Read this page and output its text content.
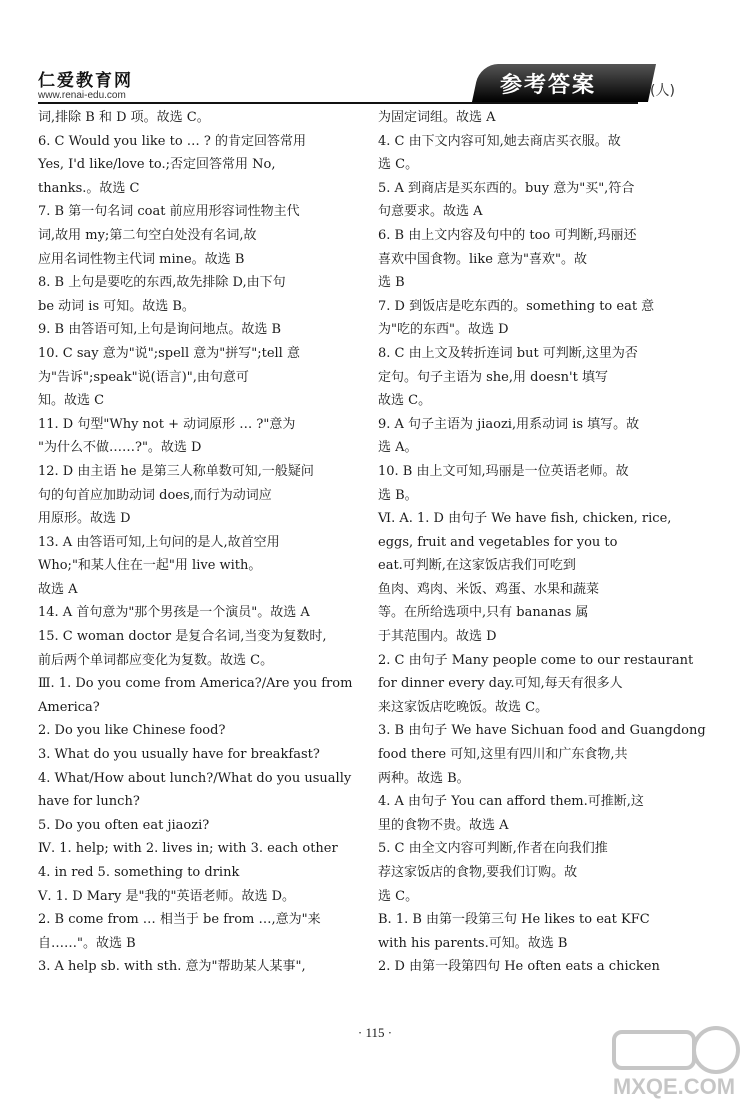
仁爱教育网
www.renai-edu.com	参考答案	(人)
词,排除 B 和 D 项。故选 C。
6. C Would you like to … ? 的肯定回答常用
Yes, I'd like/love to.;否定回答常用 No,
thanks.。故选 C
7. B 第一句名词 coat 前应用形容词性物主代
词,故用 my;第二句空白处没有名词,故
应用名词性物主代词 mine。故选 B
8. B 上句是要吃的东西,故先排除 D,由下句
be 动词 is 可知。故选 B。
9. B 由答语可知,上句是询问地点。故选 B
10. C say 意为"说";spell 意为"拼写";tell 意
为"告诉";speak"说(语言)",由句意可
知。故选 C
11. D 句型"Why not + 动词原形 … ?"意为
"为什么不做……?"。故选 D
12. D 由主语 he 是第三人称单数可知,一般疑问
句的句首应加助动词 does,而行为动词应
用原形。故选 D
13. A 由答语可知,上句问的是人,故首空用
Who;"和某人住在一起"用 live with。
故选 A
14. A 首句意为"那个男孩是一个演员"。故选 A
15. C woman doctor 是复合名词,当变为复数时,
前后两个单词都应变化为复数。故选 C。
Ⅲ. 1. Do you come from America?/Are you from
America?
2. Do you like Chinese food?
3. What do you usually have for breakfast?
4. What/How about lunch?/What do you usually
have for lunch?
5. Do you often eat jiaozi?
Ⅳ. 1. help; with 2. lives in; with 3. each other
4. in red 5. something to drink
Ⅴ. 1. D Mary 是"我的"英语老师。故选 D。
2. B come from … 相当于 be from …,意为"来
自……"。故选 B
3. A help sb. with sth. 意为"帮助某人某事",
为固定词组。故选 A
4. C 由下文内容可知,她去商店买衣服。故
选 C。
5. A 到商店是买东西的。buy 意为"买",符合
句意要求。故选 A
6. B 由上文内容及句中的 too 可判断,玛丽还
喜欢中国食物。like 意为"喜欢"。故
选 B
7. D 到饭店是吃东西的。something to eat 意
为"吃的东西"。故选 D
8. C 由上文及转折连词 but 可判断,这里为否
定句。句子主语为 she,用 doesn't 填写
故选 C。
9. A 句子主语为 jiaozi,用系动词 is 填写。故
选 A。
10. B 由上文可知,玛丽是一位英语老师。故
选 B。
Ⅵ. A. 1. D 由句子 We have fish, chicken, rice,
eggs, fruit and vegetables for you to
eat.可判断,在这家饭店我们可吃到
鱼肉、鸡肉、米饭、鸡蛋、水果和蔬菜
等。在所给选项中,只有 bananas 属
于其范围内。故选 D
2. C 由句子 Many people come to our restaurant
for dinner every day.可知,每天有很多人
来这家饭店吃晚饭。故选 C。
3. B 由句子 We have Sichuan food and Guangdong
food there 可知,这里有四川和广东食物,共
两种。故选 B。
4. A 由句子 You can afford them.可推断,这
里的食物不贵。故选 A
5. C 由全文内容可判断,作者在向我们推
荐这家饭店的食物,要我们订购。故
选 C。
B. 1. B 由第一段第三句 He likes to eat KFC
with his parents.可知。故选 B
2. D 由第一段第四句 He often eats a chicken
· 115 ·
MXQE.COM
